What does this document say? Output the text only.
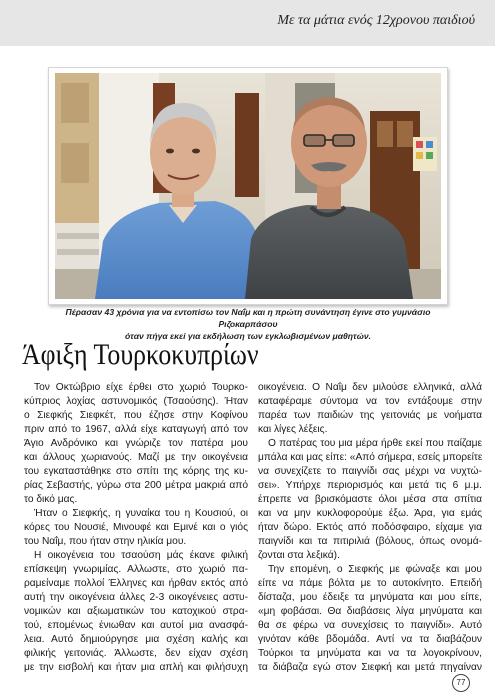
Με τα μάτια ενός 12χρονου παιδιού
Πέρασαν 43 χρόνια για να εντοπίσω τον Ναΐμ και η πρώτη συνάντηση έγινε στο γυμνάσιο Ριζοκαρπάσου
όταν πήγα εκεί για εκδήλωση των εγκλωβισμένων μαθητών.
Άφιξη Τουρκοκυπρίων
Τον Οκτώβριο είχε έρθει στο χωριό Τουρκο-
κύπριος λοχίας αστυνομικός (Τσαούσης). Ήταν
ο Σιεφκής Σιεφκέτ, που έζησε στην Κοφίνου
πριν από το 1967, αλλά είχε καταγωγή από τον
Άγιο Ανδρόνικο και γνώριζε τον πατέρα μου
και άλλους χωριανούς. Μαζί με την οικογένεια
του εγκαταστάθηκε στο σπίτι της κόρης της κυ-
ρίας Σεβαστής, γύρω στα 200 μέτρα μακριά από
το δικό μας.
Ήταν ο Σιεφκής, η γυναίκα του η Κουσιού, οι
κόρες του Νουσιέ, Μινουφέ και Εμινέ και ο γιός
του Ναΐμ, που ήταν στην ηλικία μου.
Η οικογένεια του τσαούση μάς έκανε φιλική
επίσκεψη γνωριμίας. Αλλωστε, στο χωριό πα-
ραμείναμε πολλοί Έλληνες και ήρθαν εκτός από
αυτή την οικογένεια άλλες 2-3 οικογένειες αστυ-
νομικών και αξιωματικών του κατοχικού στρα-
τού, επομένως ένιωθαν και αυτοί μια ανασφά-
λεια. Αυτό δημιούργησε μια σχέση καλής και
φιλικής γειτονιάς. Άλλωστε, δεν είχαν σχέση
με την εισβολή και ήταν μια απλή και φιλήσυχη
οικογένεια. Ο Ναΐμ δεν μιλούσε ελληνικά, αλλά
καταφέραμε σύντομα να τον εντάξουμε στην
παρέα των παιδιών της γειτονιάς με νοήματα
και λίγες λέξεις.
Ο πατέρας του μια μέρα ήρθε εκεί που παίζαμε
μπάλα και μας είπε: «Από σήμερα, εσείς μπορείτε
να συνεχίζετε το παιγνίδι σας μέχρι να νυχτώ-
σει». Υπήρχε περιορισμός και μετά τις 6 μ.μ.
έπρεπε να βρισκόμαστε όλοι μέσα στα σπίτια
και να μην κυκλοφορούμε έξω. Άρα, για εμάς
ήταν δώρο. Εκτός από ποδόσφαιρο, είχαμε για
παιγνίδι και τα πιτιριλιά (βόλους, όπως ονομά-
ζονται στα λεξικά).
Την επομένη, ο Σιεφκής με φώναξε και μου
είπε να πάμε βόλτα με το αυτοκίνητο. Επειδή
δίσταζα, μου έδειξε τα μηνύματα και μου είπε,
«μη φοβάσαι. Θα διαβάσεις λίγα μηνύματα και
θα σε φέρω να συνεχίσεις το παιγνίδι». Αυτό
γινόταν κάθε βδομάδα. Αντί να τα διαβάζουν
Τούρκοι τα μηνύματα και να τα λογοκρίνουν,
τα διάβαζα εγώ στον Σιεφκή και μετά πηγαίναν
77
